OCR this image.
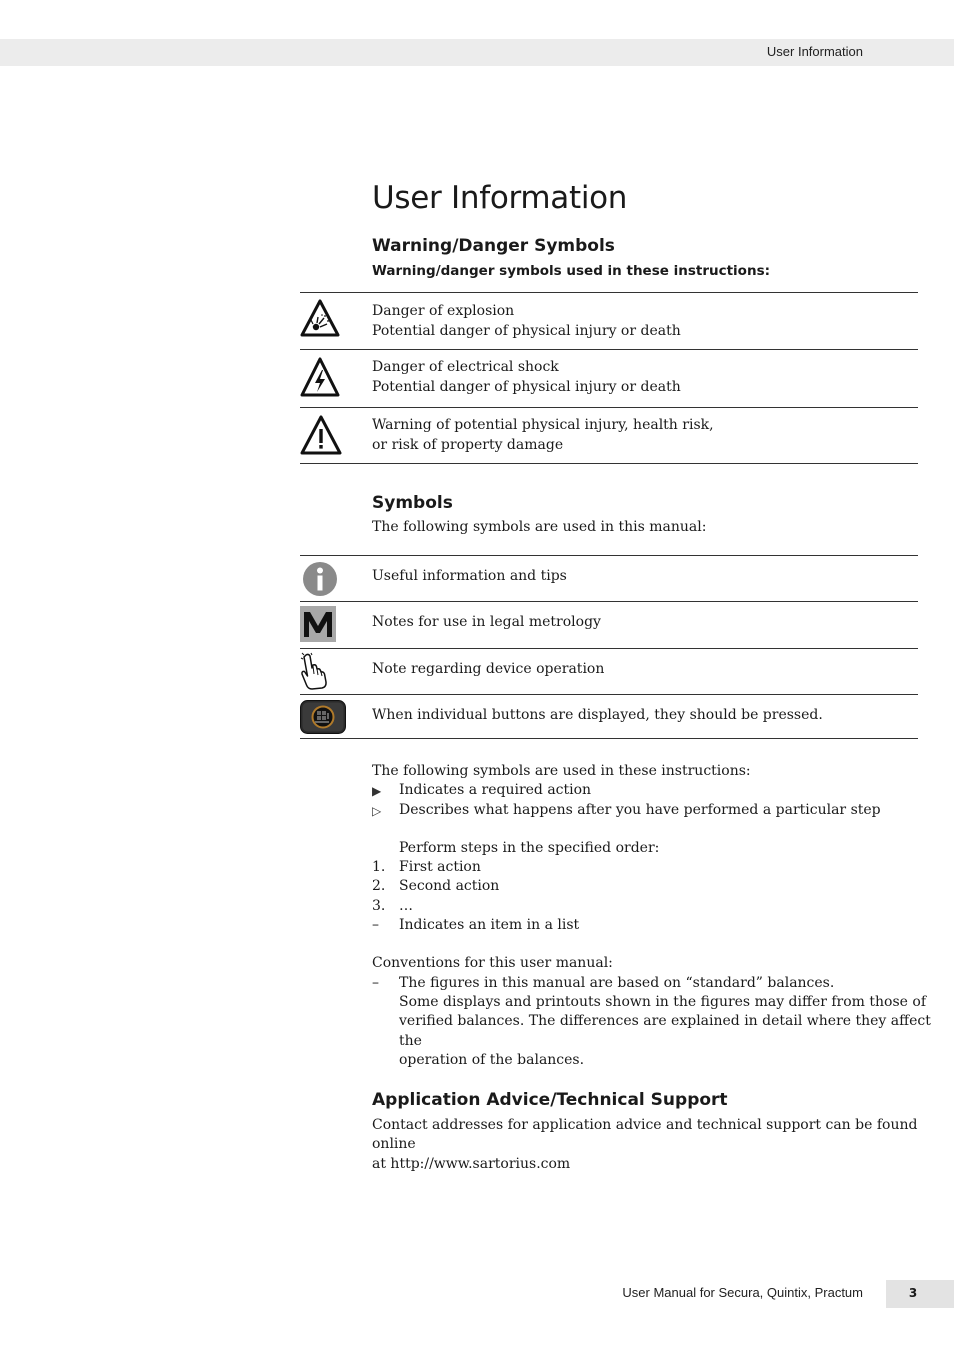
User Information
User Information
Warning/Danger Symbols

Warning/danger symbols used in these instructions:

Danger of explosion
Potential danger of physical injury or death
Danger of electrical shock
Potential danger of physical injury or death
Warning of potential physical injury, health risk,
or risk of property damage
Symbols

The following symbols are used in this manual:

Useful information and tips
Notes for use in legal metrology
Note regarding device operation
When individual buttons are displayed, they should be pressed.
The following symbols are used in these instructions:
▶ Indicates a required action
▷ Describes what happens after you have performed a particular step
Perform steps in the specified order:
1. First action
2. Second action
3. …
– Indicates an item in a list
Conventions for this user manual:
– The figures in this manual are based on “standard” balances.
Some displays and printouts shown in the figures may differ from those of
verified balances. The differences are explained in detail where they affect the
operation of the balances.
Application Advice/Technical Support
Contact addresses for application advice and technical support can be found online
at http://www.sartorius.com
User Manual for Secura, Quintix, Practum	3
